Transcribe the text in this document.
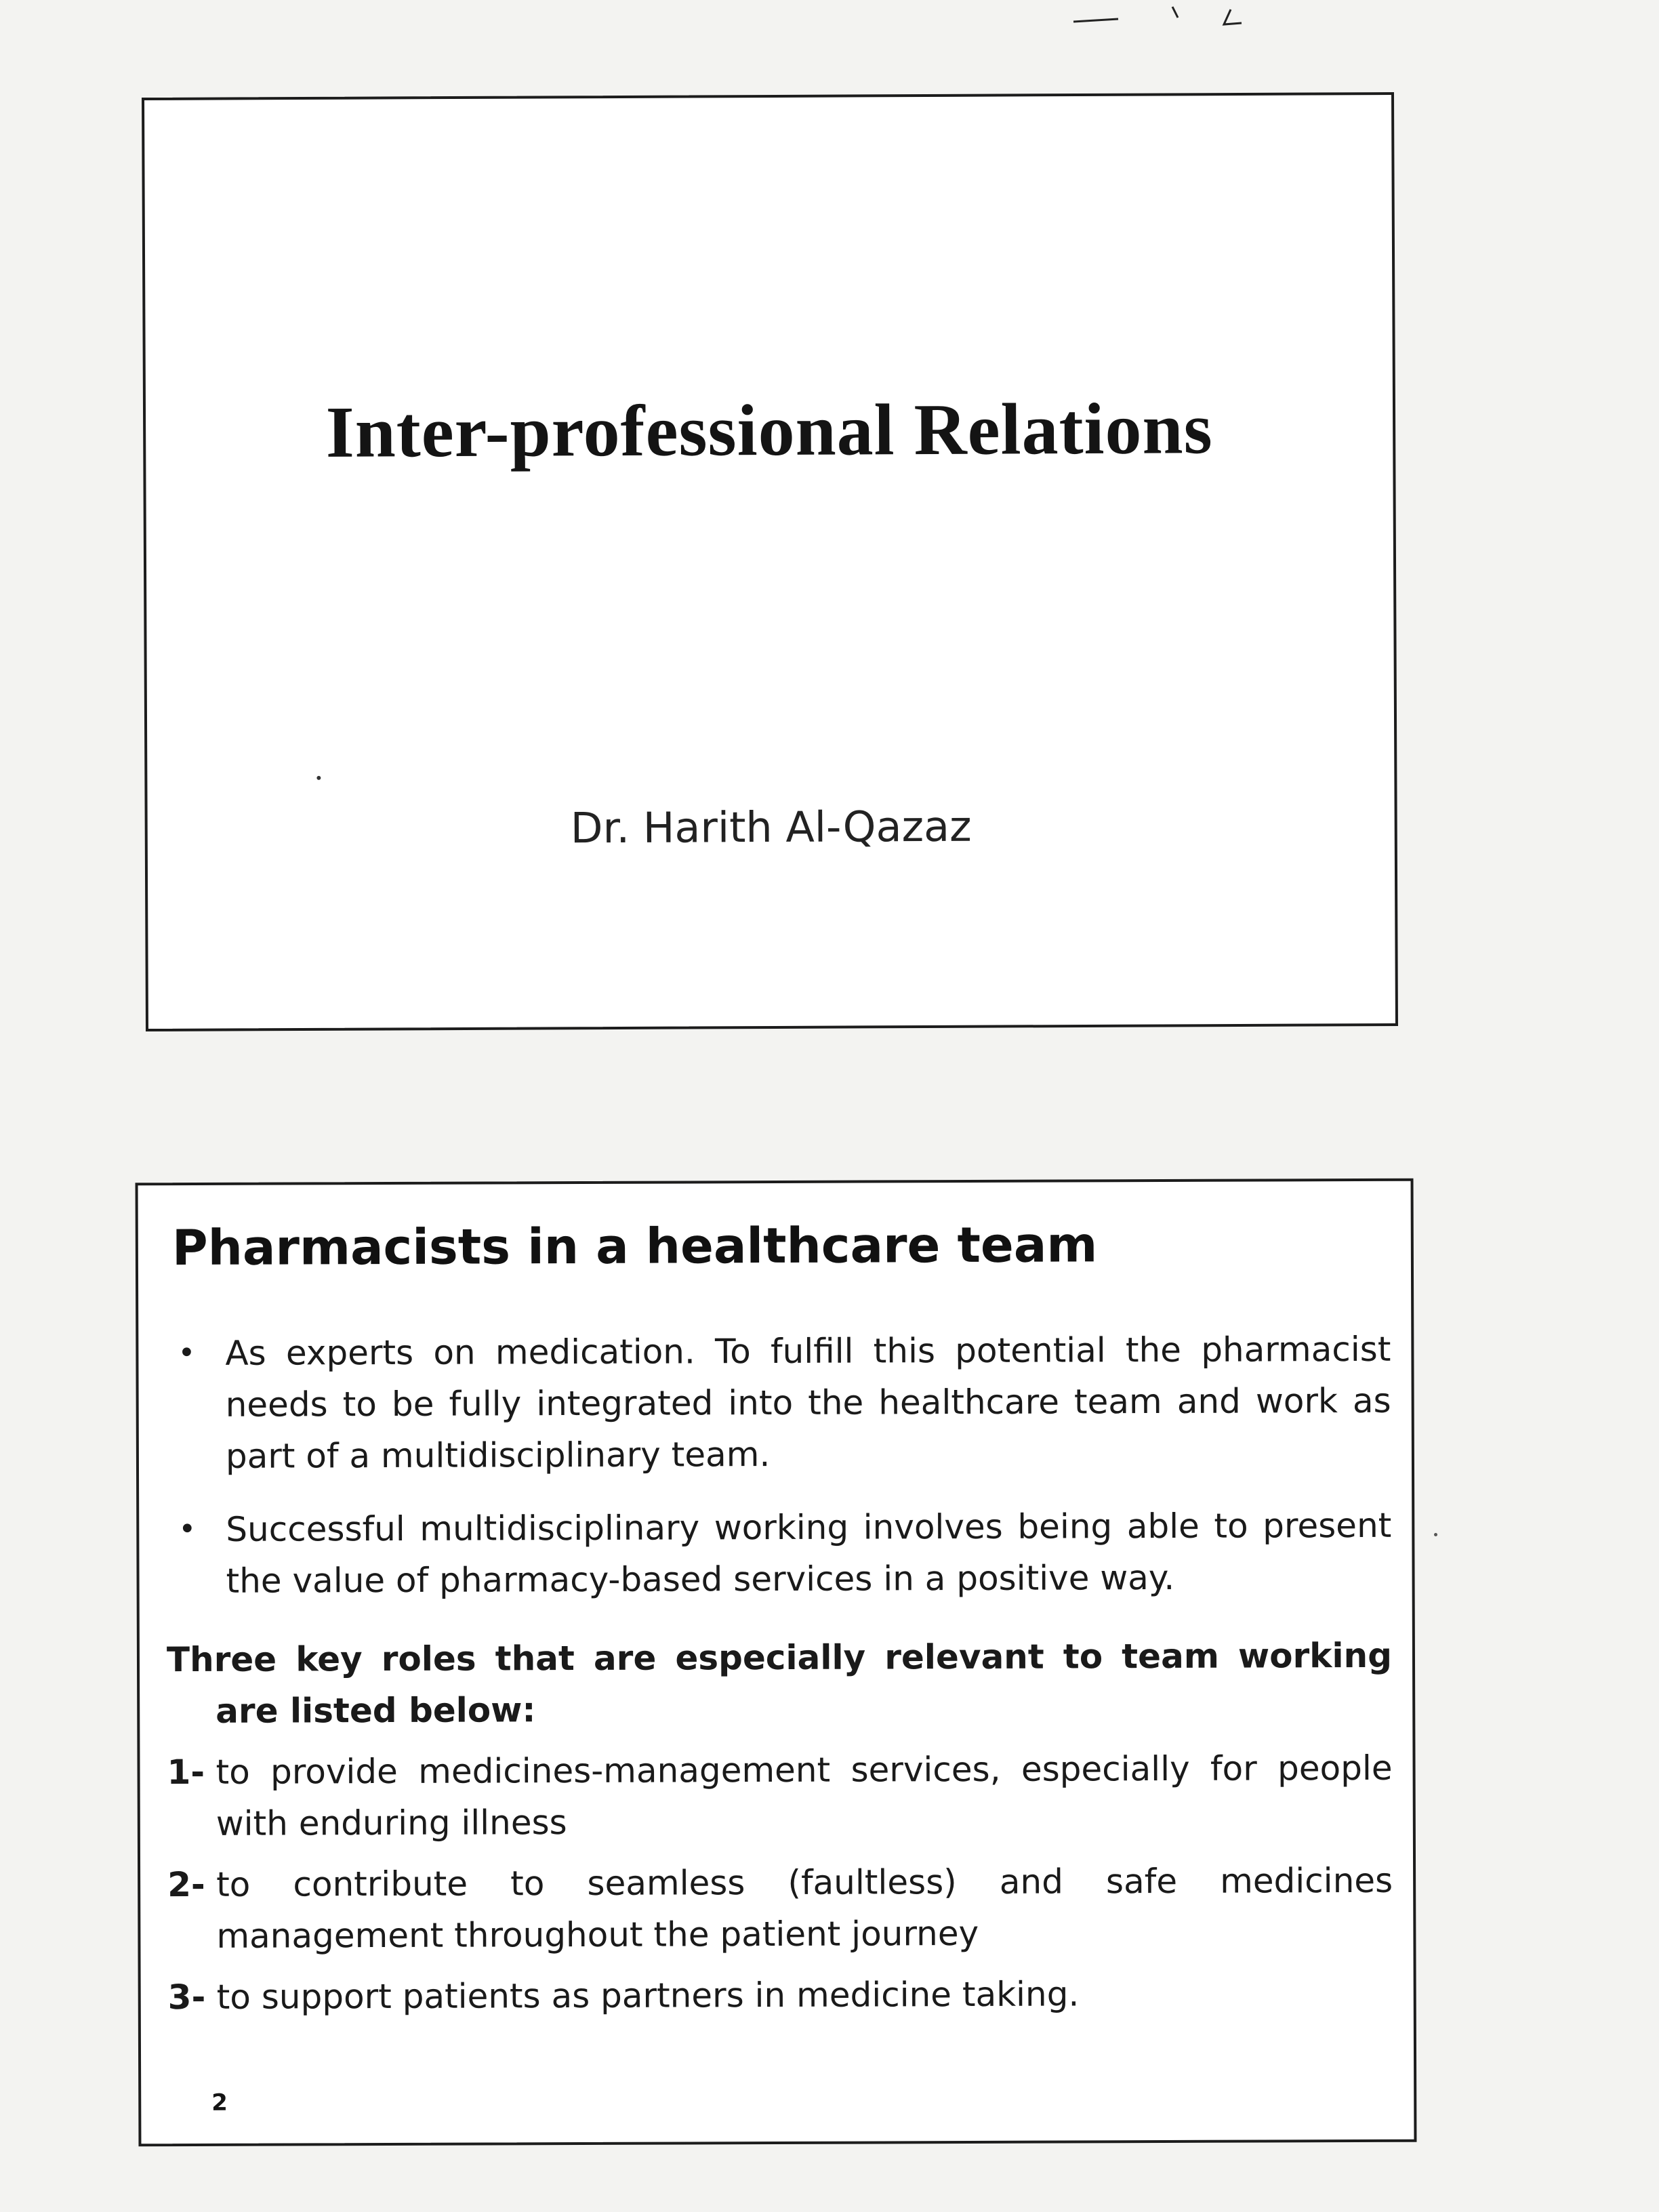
Inter-professional Relations

Dr. Harith Al-Qazaz

Pharmacists in a healthcare team
• As experts on medication. To fulfill this potential the pharmacist needs to be fully integrated into the healthcare team and work as part of a multidisciplinary team.
• Successful multidisciplinary working involves being able to present the value of pharmacy-based services in a positive way.

Three key roles that are especially relevant to team working are listed below:

1- to provide medicines-management services, especially for people with enduring illness
2- to contribute to seamless (faultless) and safe medicines management throughout the patient journey
3- to support patients as partners in medicine taking.

2
